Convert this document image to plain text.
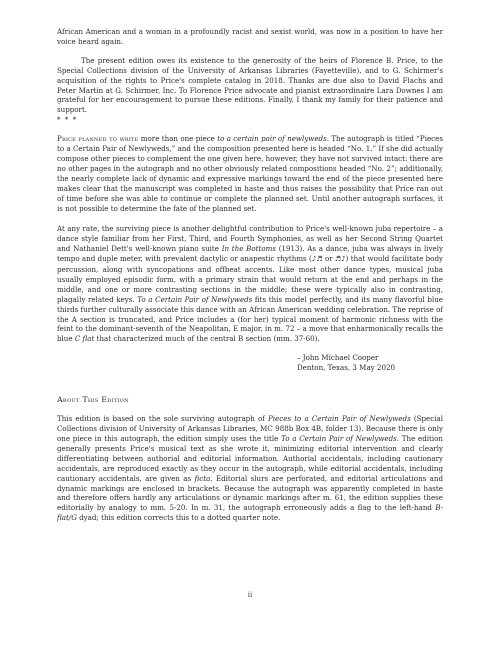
African American and a woman in a profoundly racist and sexist world, was now in a position to have her voice heard again.

The present edition owes its existence to the generosity of the heirs of Florence B. Price, to the Special Collections division of the University of Arkansas Libraries (Fayetteville), and to G. Schirmer's acquisition of the rights to Price's complete catalog in 2018. Thanks are due also to David Flachs and Peter Martin at G. Schirmer, Inc. To Florence Price advocate and pianist extraordinaire Lara Downes I am grateful for her encouragement to pursue these editions. Finally, I thank my family for their patience and support.

* * *

Price planned to write more than one piece to a certain pair of newlyweds. The autograph is titled “Pieces to a Certain Pair of Newlyweds,” and the composition presented here is headed “No. 1.” If she did actually compose other pieces to complement the one given here, however, they have not survived intact: there are no other pages in the autograph and no other obviously related compositions headed “No. 2”; additionally, the nearly complete lack of dynamic and expressive markings toward the end of the piece presented here makes clear that the manuscript was completed in haste and thus raises the possibility that Price ran out of time before she was able to continue or complete the planned set. Until another autograph surfaces, it is not possible to determine the fate of the planned set.

At any rate, the surviving piece is another delightful contribution to Price's well-known juba repertoire – a dance style familiar from her First, Third, and Fourth Symphonies, as well as her Second String Quartet and Nathaniel Dett's well-known piano suite In the Bottoms (1913). As a dance, juba was always in lively tempo and duple meter, with prevalent dactylic or anapestic rhythms (♪♬ or ♬♪) that would facilitate body percussion, along with syncopations and offbeat accents. Like most other dance types, musical juba usually employed episodic form, with a primary strain that would return at the end and perhaps in the middle, and one or more contrasting sections in the middle; these were typically also in contrasting, plagally related keys. To a Certain Pair of Newlyweds fits this model perfectly, and its many flavorful blue thirds further culturally associate this dance with an African American wedding celebration. The reprise of the A section is truncated, and Price includes a (for her) typical moment of harmonic richness with the feint to the dominant-seventh of the Neapolitan, E major, in m. 72 – a move that enharmonically recalls the blue C flat that characterized much of the central B section (mm. 37-60).

– John Michael Cooper
Denton, Texas, 3 May 2020

About This Edition

This edition is based on the sole surviving autograph of Pieces to a Certain Pair of Newlyweds (Special Collections division of University of Arkansas Libraries, MC 988b Box 4B, folder 13). Because there is only one piece in this autograph, the edition simply uses the title To a Certain Pair of Newlyweds. The edition generally presents Price's musical text as she wrote it, minimizing editorial intervention and clearly differentiating between authorial and editorial information. Authorial accidentals, including cautionary accidentals, are reproduced exactly as they occur in the autograph, while editorial accidentals, including cautionary accidentals, are given as ficta. Editorial slurs are perforated, and editorial articulations and dynamic markings are enclosed in brackets. Because the autograph was apparently completed in haste and therefore offers hardly any articulations or dynamic markings after m. 61, the edition supplies these editorially by analogy to mm. 5-20. In m. 31, the autograph erroneously adds a flag to the left-hand B-flat/G dyad; this edition corrects this to a dotted quarter note.

ii
